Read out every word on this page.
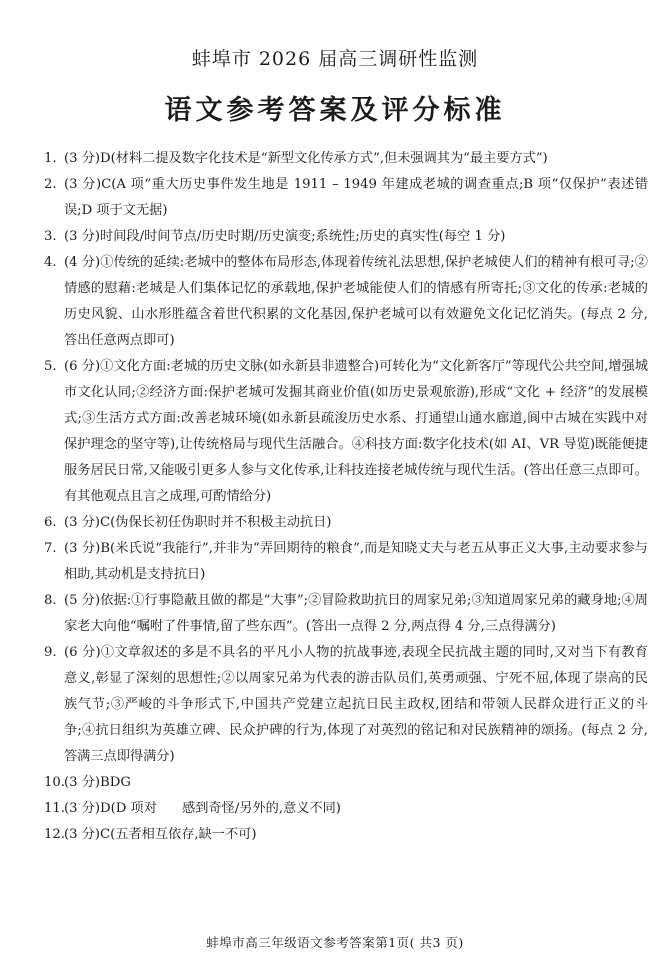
蚌埠市 2026 届高三调研性监测
语文参考答案及评分标准
1. (3 分)D(材料二提及数字化技术是“新型文化传承方式”,但未强调其为“最主要方式”)
2. (3 分)C(A 项“重大历史事件发生地是 1911 – 1949 年建成老城的调查重点;B 项“仅保护”表述错误;D 项于文无据)
3. (3 分)时间段/时间节点/历史时期/历史演变;系统性;历史的真实性(每空 1 分)
4. (4 分)①传统的延续:老城中的整体布局形态,体现着传统礼法思想,保护老城使人们的精神有根可寻;②情感的慰藉:老城是人们集体记忆的承载地,保护老城能使人们的情感有所寄托;③文化的传承:老城的历史风貌、山水形胜蕴含着世代积累的文化基因,保护老城可以有效避免文化记忆消失。(每点 2 分,答出任意两点即可)
5. (6 分)①文化方面:老城的历史文脉(如永新县非遗整合)可转化为“文化新客厅”等现代公共空间,增强城市文化认同;②经济方面:保护老城可发掘其商业价值(如历史景观旅游),形成“文化 + 经济”的发展模式;③生活方式方面:改善老城环境(如永新县疏浚历史水系、打通望山通水廊道,阆中古城在实践中对保护理念的坚守等),让传统格局与现代生活融合。④科技方面:数字化技术(如 AI、VR 导览)既能便捷服务居民日常,又能吸引更多人参与文化传承,让科技连接老城传统与现代生活。(答出任意三点即可。有其他观点且言之成理,可酌情给分)
6. (3 分)C(伪保长初任伪职时并不积极主动抗日)
7. (3 分)B(米氏说“我能行”,并非为“弄回期待的粮食”,而是知晓丈夫与老五从事正义大事,主动要求参与相助,其动机是支持抗日)
8. (5 分)依据:①行事隐蔽且做的都是“大事”;②冒险救助抗日的周家兄弟;③知道周家兄弟的藏身地;④周家老大向他“嘱咐了件事情,留了些东西”。(答出一点得 2 分,两点得 4 分,三点得满分)
9. (6 分)①文章叙述的多是不具名的平凡小人物的抗战事迹,表现全民抗战主题的同时,又对当下有教育意义,彰显了深刻的思想性;②以周家兄弟为代表的游击队员们,英勇顽强、宁死不屈,体现了崇高的民族气节;③严峻的斗争形式下,中国共产党建立起抗日民主政权,团结和带领人民群众进行正义的斗争;④抗日组织为英雄立碑、民众护碑的行为,体现了对英烈的铭记和对民族精神的颂扬。(每点 2 分,答满三点即得满分)
10. (3 分)BDG
11. (3 分)D(D 项对      感到奇怪/另外的,意义不同)
12. (3 分)C(五者相互依存,缺一不可)
蚌埠市高三年级语文参考答案第1页( 共3 页)
